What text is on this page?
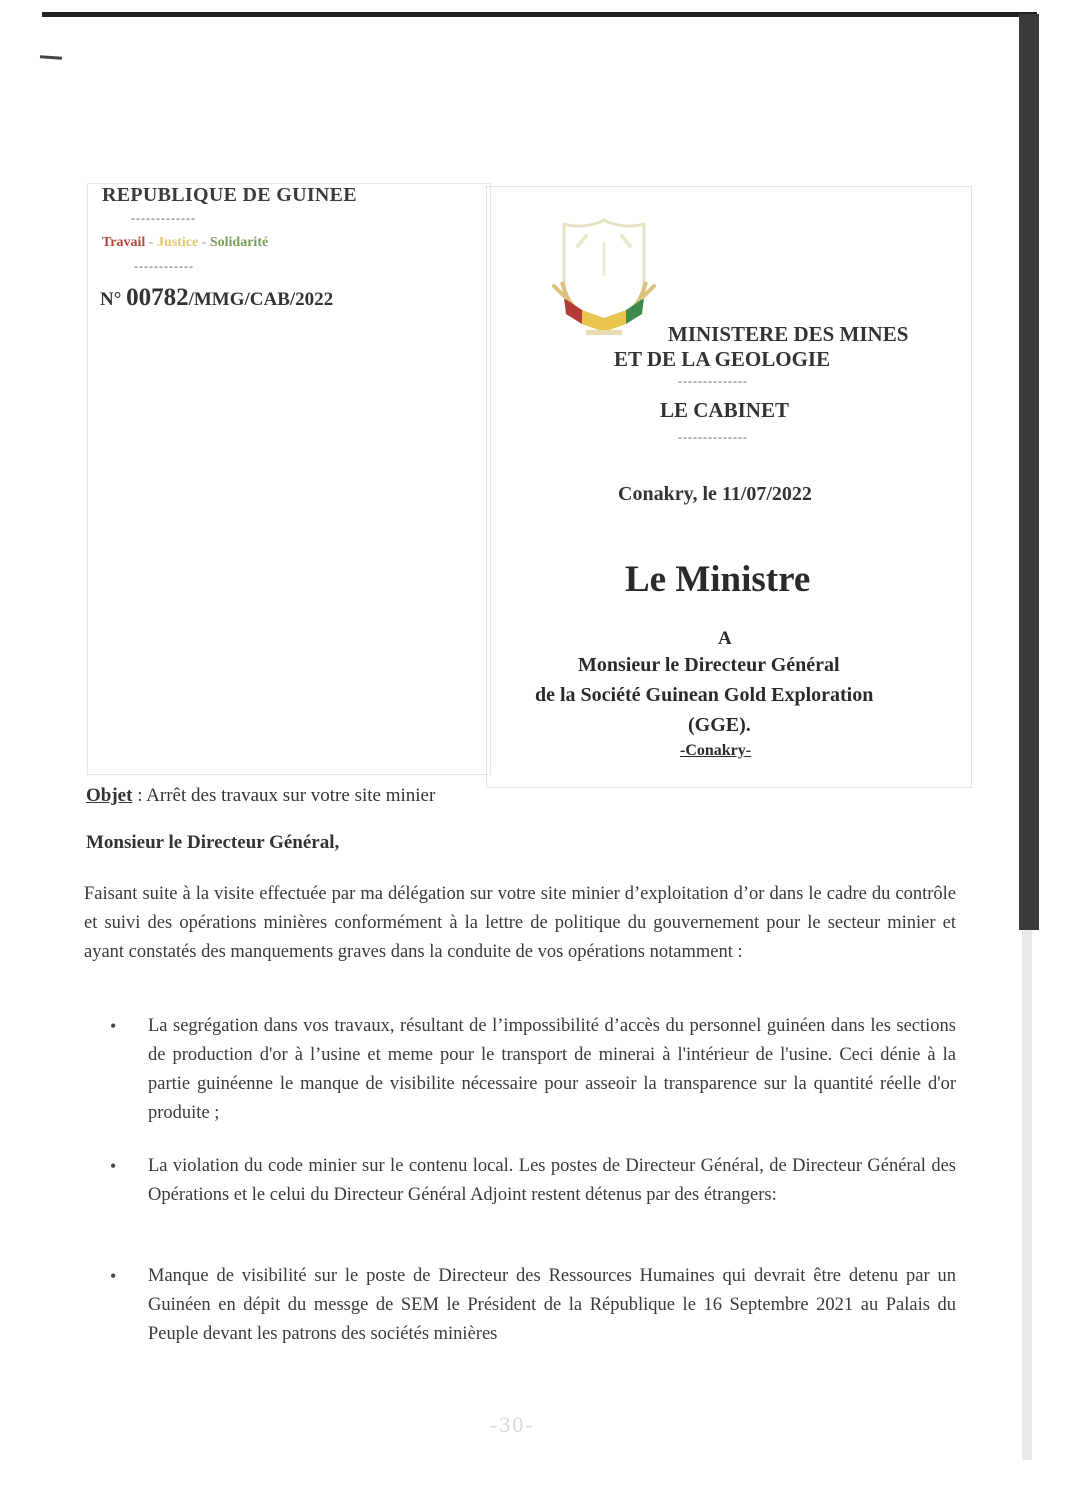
REPUBLIQUE DE GUINEE
-------------
Travail - Justice - Solidarité
------------
N° 00782/MMG/CAB/2022
MINISTERE DES MINES
ET DE LA GEOLOGIE
--------------
LE CABINET
--------------
Conakry, le 11/07/2022
Le Ministre
A
Monsieur le Directeur Général
de la Société Guinean Gold Exploration
(GGE).
-Conakry-
Objet : Arrêt des travaux sur votre site minier
Monsieur le Directeur Général,
Faisant suite à la visite effectuée par ma délégation sur votre site minier d’exploitation d’or dans le cadre du contrôle et suivi des opérations minières conformément à la lettre de politique du gouvernement pour le secteur minier et ayant constatés des manquements graves dans la conduite de vos opérations notamment :
• La segrégation dans vos travaux, résultant de l’impossibilité d’accès du personnel guinéen dans les sections de production d'or à l’usine et meme pour le transport de minerai à l'intérieur de l'usine. Ceci dénie à la partie guinéenne le manque de visibilite nécessaire pour asseoir la transparence sur la quantité réelle d'or produite ;
• La violation du code minier sur le contenu local. Les postes de Directeur Général, de Directeur Général des Opérations et le celui du Directeur Général Adjoint restent détenus par des étrangers:
• Manque de visibilité sur le poste de Directeur des Ressources Humaines qui devrait être detenu par un Guinéen en dépit du messge de SEM le Président de la République le 16 Septembre 2021 au Palais du Peuple devant les patrons des sociétés minières
-30-
